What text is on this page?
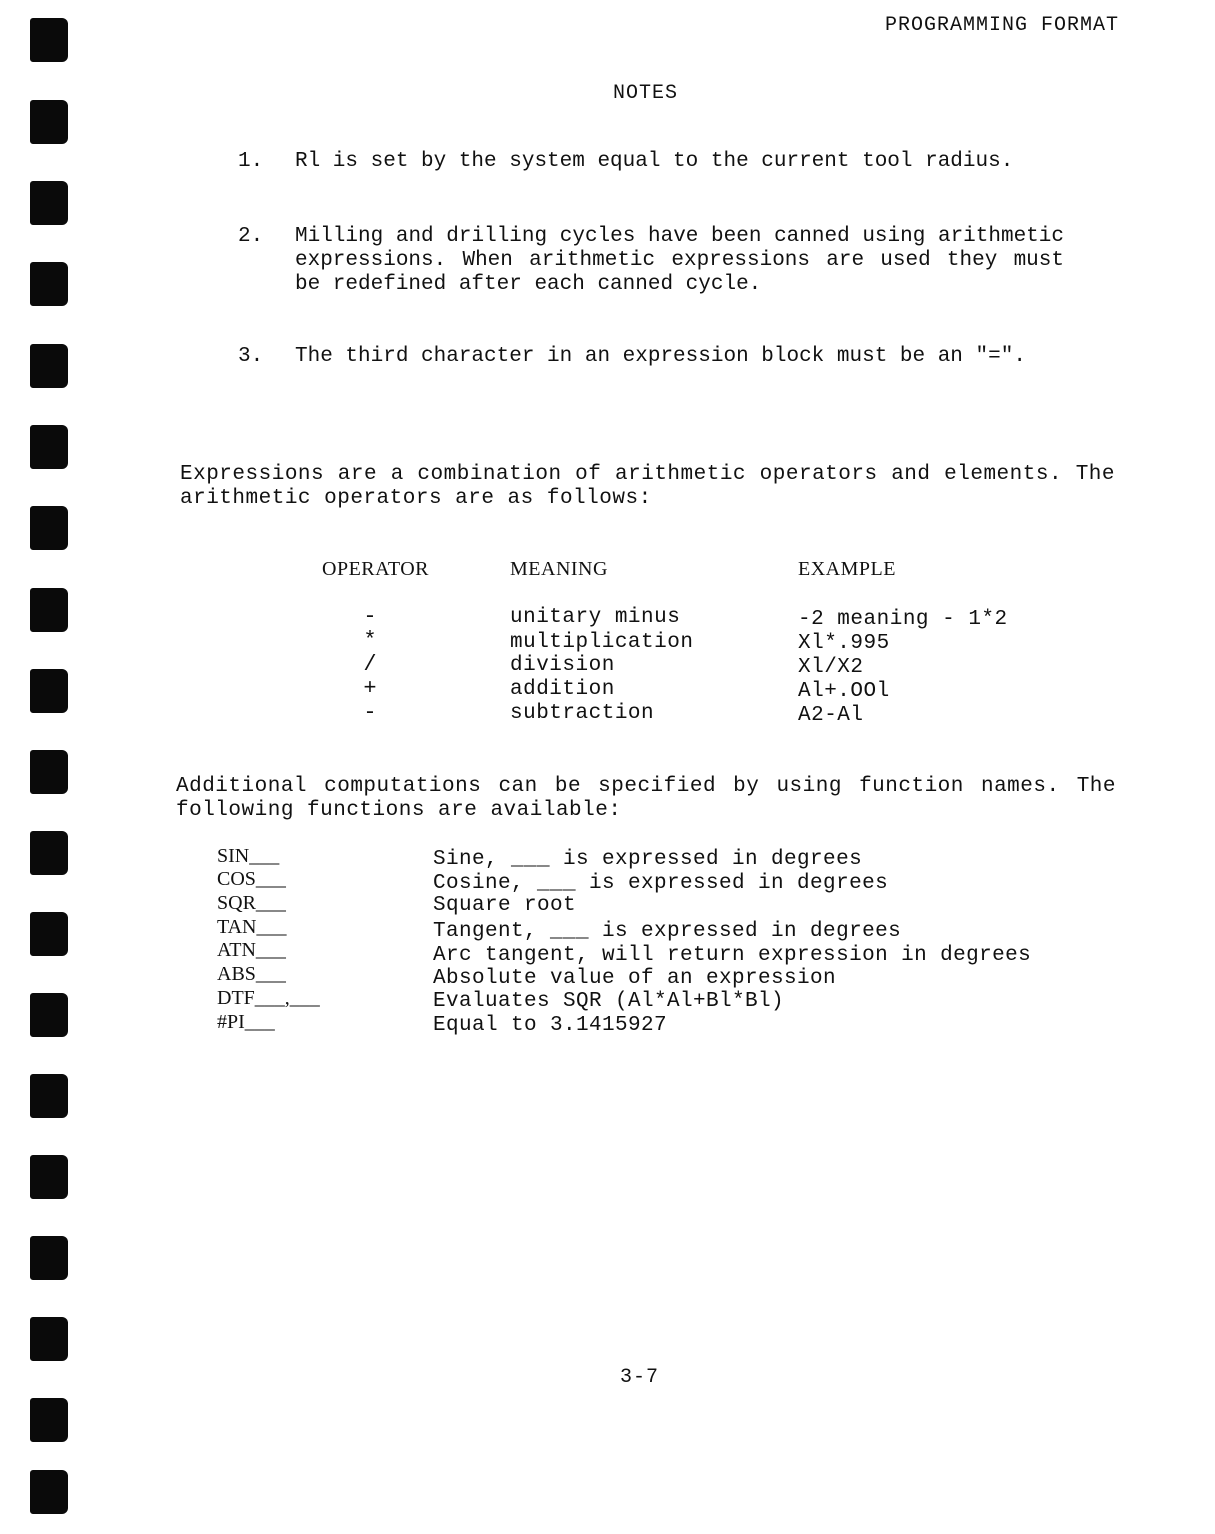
PROGRAMMING FORMAT
NOTES
1.	Rl is set by the system equal to the current tool radius.
2.	Milling and drilling cycles have been canned using arithmetic expressions. When arithmetic expressions are used they must be redefined after each canned cycle.
3.	The third character in an expression block must be an "=".
Expressions are a combination of arithmetic operators and elements. The arithmetic operators are as follows:
OPERATOR	MEANING	EXAMPLE
-	unitary minus	-2 meaning - 1*2
*	multiplication	Xl*.995
/	division	Xl/X2
+	addition	Al+.OOl
-	subtraction	A2-Al
Additional computations can be specified by using function names. The following functions are available:
SIN___	Sine, ___ is expressed in degrees
COS___	Cosine, ___ is expressed in degrees
SQR___	Square root
TAN___	Tangent, ___ is expressed in degrees
ATN___	Arc tangent, will return expression in degrees
ABS___	Absolute value of an expression
DTF___,___	Evaluates SQR (Al*Al+Bl*Bl)
#PI___	Equal to 3.1415927
3-7
